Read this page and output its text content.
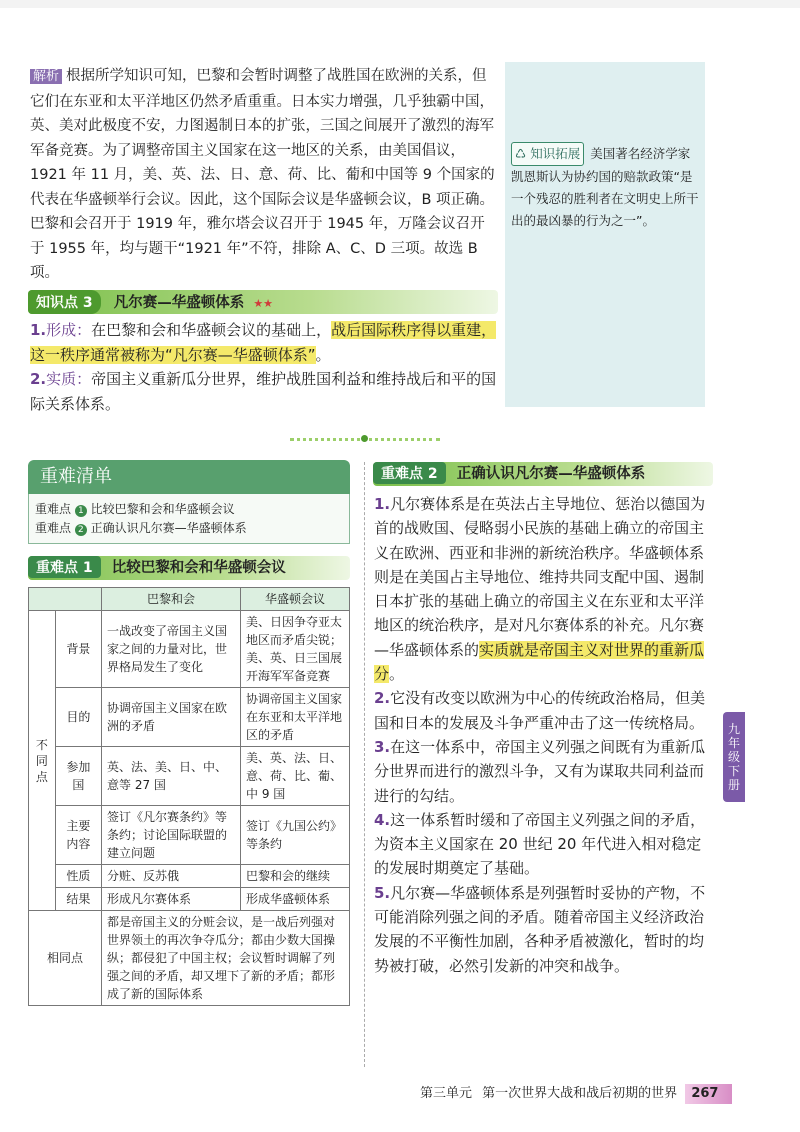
解析 根据所学知识可知，巴黎和会暂时调整了战胜国在欧洲的关系，但它们在东亚和太平洋地区仍然矛盾重重。日本实力增强，几乎独霸中国，英、美对此极度不安，力图遏制日本的扩张，三国之间展开了激烈的海军军备竞赛。为了调整帝国主义国家在这一地区的关系，由美国倡议，1921 年 11 月，美、英、法、日、意、荷、比、葡和中国等 9 个国家的代表在华盛顿举行会议。因此，这个国际会议是华盛顿会议，B 项正确。巴黎和会召开于 1919 年，雅尔塔会议召开于 1945 年，万隆会议召开于 1955 年，均与题干“1921 年”不符，排除 A、C、D 三项。故选 B 项。
♺ 知识拓展 美国著名经济学家凯恩斯认为协约国的赔款政策“是一个残忍的胜利者在文明史上所干出的最凶暴的行为之一”。
知识点 3 凡尔赛—华盛顿体系 ★★
1.形成：在巴黎和会和华盛顿会议的基础上，战后国际秩序得以重建，这一秩序通常被称为“凡尔赛—华盛顿体系”。
2.实质：帝国主义重新瓜分世界，维护战胜国利益和维持战后和平的国际关系体系。
重难清单
重难点 1 比较巴黎和会和华盛顿会议
重难点 2 正确认识凡尔赛—华盛顿体系
重难点 1 比较巴黎和会和华盛顿会议
		巴黎和会	华盛顿会议
不同点	背景	一战改变了帝国主义国家之间的力量对比，世界格局发生了变化	美、日因争夺亚太地区而矛盾尖锐；美、英、日三国展开海军军备竞赛
	目的	协调帝国主义国家在欧洲的矛盾	协调帝国主义国家在东亚和太平洋地区的矛盾
	参加国	英、法、美、日、中、意等 27 国	美、英、法、日、意、荷、比、葡、中 9 国
	主要内容	签订《凡尔赛条约》等条约；讨论国际联盟的建立问题	签订《九国公约》等条约
	性质	分赃、反苏俄	巴黎和会的继续
	结果	形成凡尔赛体系	形成华盛顿体系
相同点		都是帝国主义的分赃会议，是一战后列强对世界领土的再次争夺瓜分；都由少数大国操纵；都侵犯了中国主权；会议暂时调解了列强之间的矛盾，却又埋下了新的矛盾；都形成了新的国际体系	
重难点 2 正确认识凡尔赛—华盛顿体系
1.凡尔赛体系是在英法占主导地位、惩治以德国为首的战败国、侵略弱小民族的基础上确立的帝国主义在欧洲、西亚和非洲的新统治秩序。华盛顿体系则是在美国占主导地位、维持共同支配中国、遏制日本扩张的基础上确立的帝国主义在东亚和太平洋地区的统治秩序，是对凡尔赛体系的补充。凡尔赛—华盛顿体系的实质就是帝国主义对世界的重新瓜分。
2.它没有改变以欧洲为中心的传统政治格局，但美国和日本的发展及斗争严重冲击了这一传统格局。
3.在这一体系中，帝国主义列强之间既有为重新瓜分世界而进行的激烈斗争，又有为谋取共同利益而进行的勾结。
4.这一体系暂时缓和了帝国主义列强之间的矛盾，为资本主义国家在 20 世纪 20 年代进入相对稳定的发展时期奠定了基础。
5.凡尔赛—华盛顿体系是列强暂时妥协的产物，不可能消除列强之间的矛盾。随着帝国主义经济政治发展的不平衡性加剧，各种矛盾被激化，暂时的均势被打破，必然引发新的冲突和战争。
九年级下册
第三单元 第一次世界大战和战后初期的世界 267
